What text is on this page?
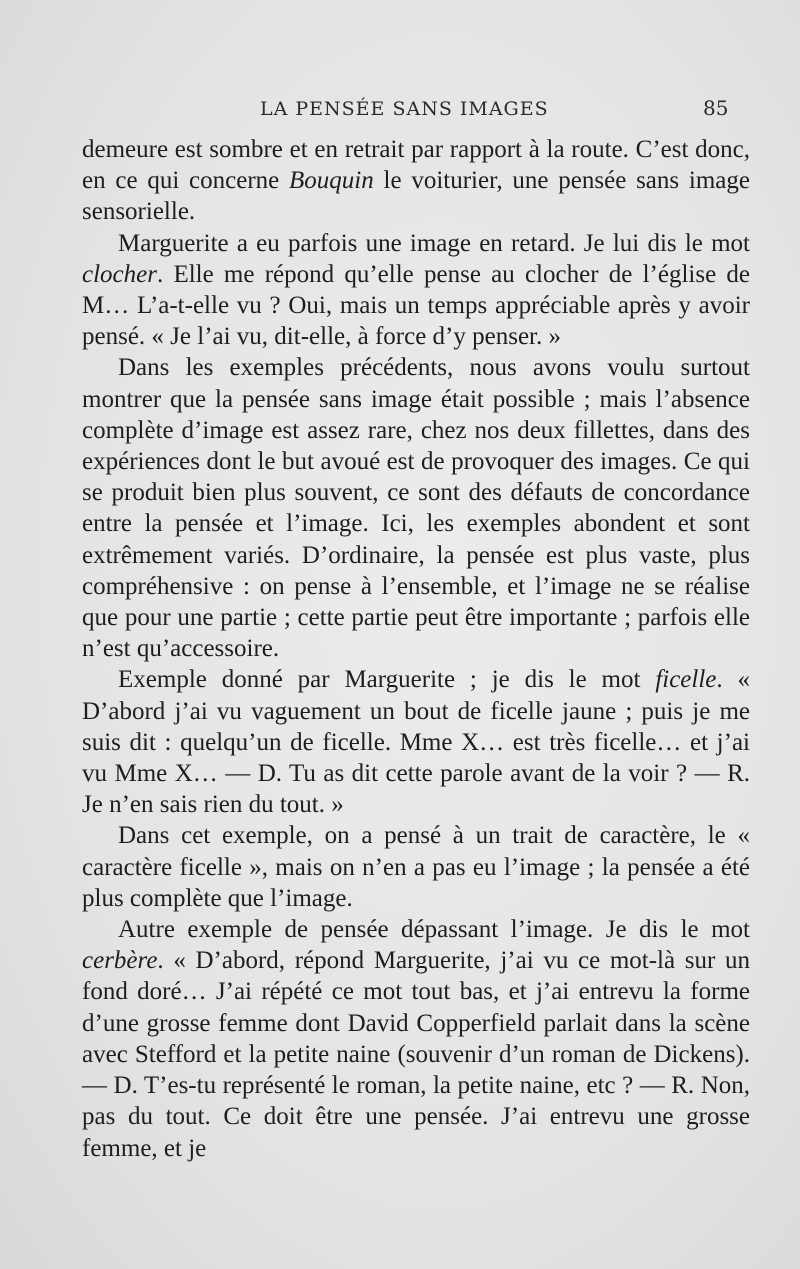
LA PENSÉE SANS IMAGES	85

demeure est sombre et en retrait par rapport à la route. C’est donc, en ce qui concerne Bouquin le voiturier, une pensée sans image sensorielle.

Marguerite a eu parfois une image en retard. Je lui dis le mot clocher. Elle me répond qu’elle pense au clocher de l’église de M… L’a-t-elle vu ? Oui, mais un temps appréciable après y avoir pensé. « Je l’ai vu, dit-elle, à force d’y penser. »

Dans les exemples précédents, nous avons voulu surtout montrer que la pensée sans image était possible ; mais l’absence complète d’image est assez rare, chez nos deux fillettes, dans des expériences dont le but avoué est de provoquer des images. Ce qui se produit bien plus souvent, ce sont des défauts de concordance entre la pensée et l’image. Ici, les exemples abondent et sont extrêmement variés. D’ordinaire, la pensée est plus vaste, plus compréhensive : on pense à l’ensemble, et l’image ne se réalise que pour une partie ; cette partie peut être importante ; parfois elle n’est qu’accessoire.

Exemple donné par Marguerite ; je dis le mot ficelle. « D’abord j’ai vu vaguement un bout de ficelle jaune ; puis je me suis dit : quelqu’un de ficelle. Mme X… est très ficelle… et j’ai vu Mme X… — D. Tu as dit cette parole avant de la voir ? — R. Je n’en sais rien du tout. »

Dans cet exemple, on a pensé à un trait de caractère, le « caractère ficelle », mais on n’en a pas eu l’image ; la pensée a été plus complète que l’image.

Autre exemple de pensée dépassant l’image. Je dis le mot cerbère. « D’abord, répond Marguerite, j’ai vu ce mot-là sur un fond doré… J’ai répété ce mot tout bas, et j’ai entrevu la forme d’une grosse femme dont David Copperfield parlait dans la scène avec Stefford et la petite naine (souvenir d’un roman de Dickens). — D. T’es-tu représenté le roman, la petite naine, etc ? — R. Non, pas du tout. Ce doit être une pensée. J’ai entrevu une grosse femme, et je
